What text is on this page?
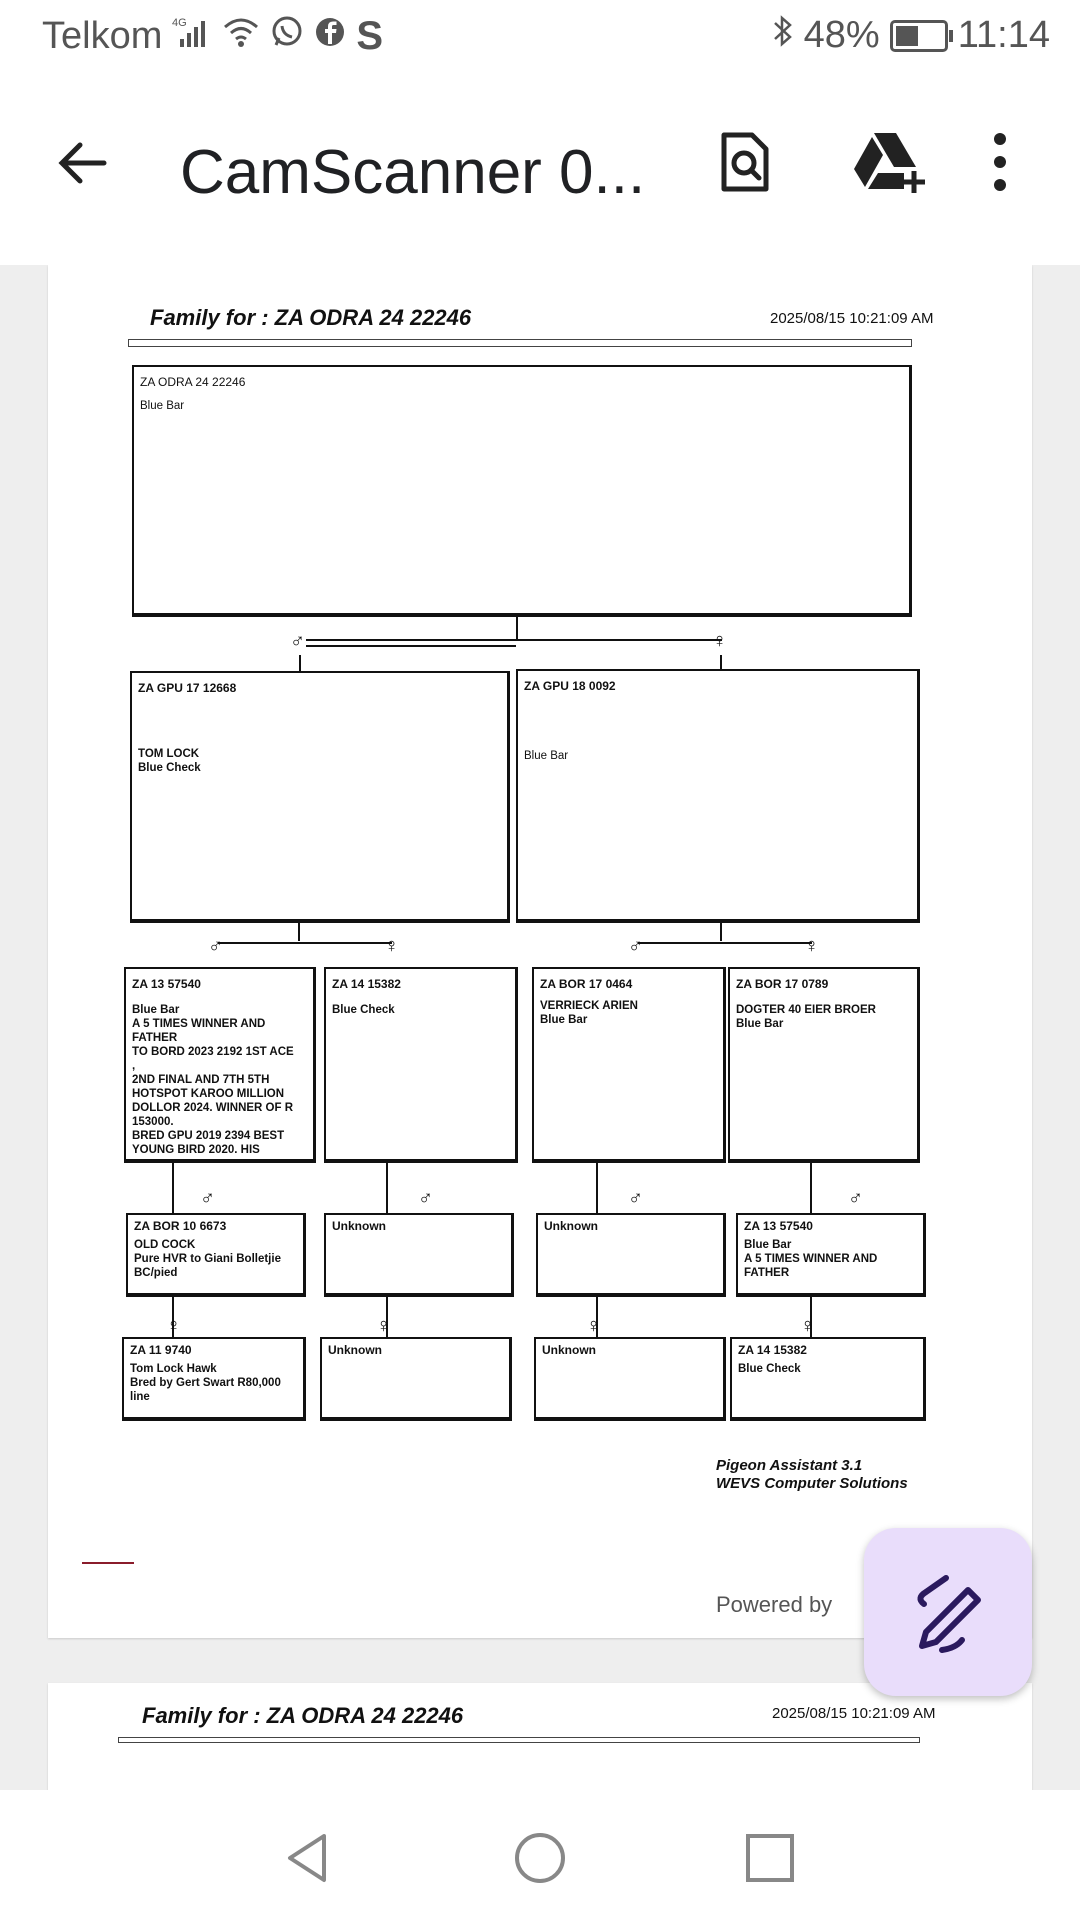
Telkom 4G	S	48% 11:14
CamScanner 0...
Family for : ZA ODRA 24 22246	2025/08/15 10:21:09 AM
ZA ODRA 24 22246
Blue Bar
♂	♀
ZA GPU 17 12668
TOM LOCK
Blue Check
ZA GPU 18 0092
Blue Bar
♂	♀	♂	♀
ZA 13 57540
Blue Bar
A 5 TIMES WINNER AND FATHER
TO BORD 2023 2192 1ST ACE
,
2ND FINAL AND 7TH 5TH HOTSPOT KAROO MILLION DOLLOR 2024. WINNER OF R 153000.
BRED GPU 2019 2394 BEST YOUNG BIRD 2020. HIS
ZA 14 15382
Blue Check
ZA BOR 17 0464
VERRIECK ARIEN
Blue Bar
ZA BOR 17 0789
DOGTER 40 EIER BROER
Blue Bar
♂	♂	♂	♂
ZA BOR 10 6673
OLD COCK
Pure HVR to Giani Bolletjie
BC/pied
Unknown	Unknown	ZA 13 57540
Blue Bar
A 5 TIMES WINNER AND FATHER
♀	♀	♀	♀
ZA 11 9740
Tom Lock Hawk
Bred by Gert Swart R80,000 line
Unknown	Unknown	ZA 14 15382
Blue Check
Pigeon Assistant 3.1
WEVS Computer Solutions
Powered by
Family for : ZA ODRA 24 22246	2025/08/15 10:21:09 AM
